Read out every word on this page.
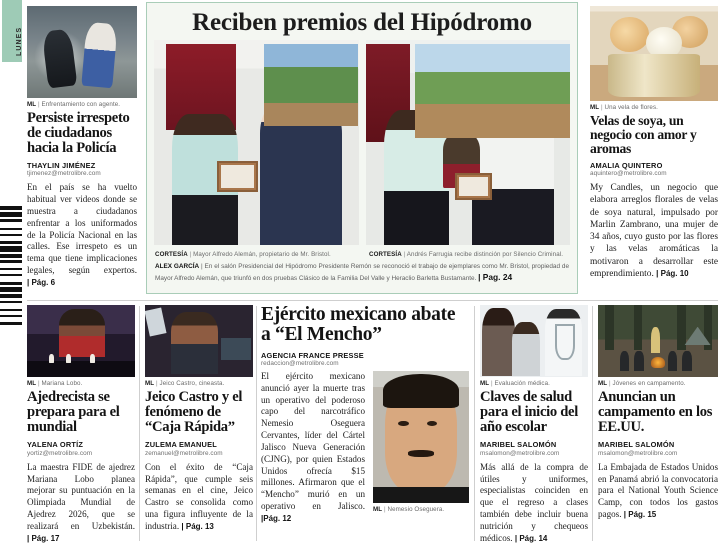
LUNES
ML | Enfrentamiento con agente.
Persiste irrespeto de ciudadanos hacia la Policía
THAYLIN JIMÉNEZ
tjimenez@metrolibre.com

En el país se ha vuelto habitual ver videos donde se muestra a ciudadanos enfrentar a los uniformados de la Policía Nacional en las calles. Ese irrespeto es un tema que tiene implicaciones legales, según expertos. | Pág. 6

Reciben premios del Hipódromo
CORTESÍA | Mayor Alfredo Alemán, propietario de Mr. Bristol.	CORTESÍA | Andrés Farrugia recibe distinción por Silencio Criminal.
ALEX GARCÍA | En el salón Presidencial del Hipódromo Presidente Remón se reconoció el trabajo de ejemplares como Mr. Bristol, propiedad de Mayor Alfredo Alemán, que triunfó en dos pruebas Clásico de la Familia Del Valle y Heraclio Barletta Bustamante. | Pag. 24
ML | Una vela de flores.
Velas de soya, un negocio con amor y aromas
AMALIA QUINTERO
aquintero@metrolibre.com

My Candles, un negocio que elabora arreglos florales de velas de soya natural, impulsado por Marlin Zambrano, una mujer de 34 años, cuyo gusto por las flores y las velas aromáticas la motivaron a desarrollar este emprendimiento. | Pág. 10

ML | Mariana Lobo.
Ajedrecista se prepara para el mundial
YALENA ORTÍZ
yortiz@metrolibre.com

La maestra FIDE de ajedrez Mariana Lobo planea mejorar su puntuación en la Olimpiada Mundial de Ajedrez 2026, que se realizará en Uzbekistán. | Pág. 17

ML | Jeico Castro, cineasta.
Jeico Castro y el fenómeno de “Caja Rápida”
ZULEMA EMANUEL
zemanuel@metrolibre.com

Con el éxito de “Caja Rápida”, que cumple seis semanas en el cine, Jeico Castro se consolida como una figura influyente de la industria. | Pág. 13

Ejército mexicano abate a “El Mencho”
AGENCIA FRANCE PRESSE
redaccion@metrolibre.com

El ejército mexicano anunció ayer la muerte tras un operativo del poderoso capo del narcotráfico Nemesio Oseguera Cervantes, líder del Cártel Jalisco Nueva Generación (CJNG), por quien Estados Unidos ofrecía $15 millones. Afirmaron que el “Mencho” murió en un operativo en Jalisco. |Pág. 12

ML | Nemesio Oseguera.
ML | Evaluación médica.
Claves de salud para el inicio del año escolar
MARIBEL SALOMÓN
msalomon@metrolibre.com

Más allá de la compra de útiles y uniformes, especialistas coinciden en que el regreso a clases también debe incluir buena nutrición y chequeos médicos. | Pág. 14

ML | Jóvenes en campamento.
Anuncian un campamento en los EE.UU.
MARIBEL SALOMÓN
msalomon@metrolibre.com

La Embajada de Estados Unidos en Panamá abrió la convocatoria para el National Youth Science Camp, con todos los gastos pagos. | Pág. 15
